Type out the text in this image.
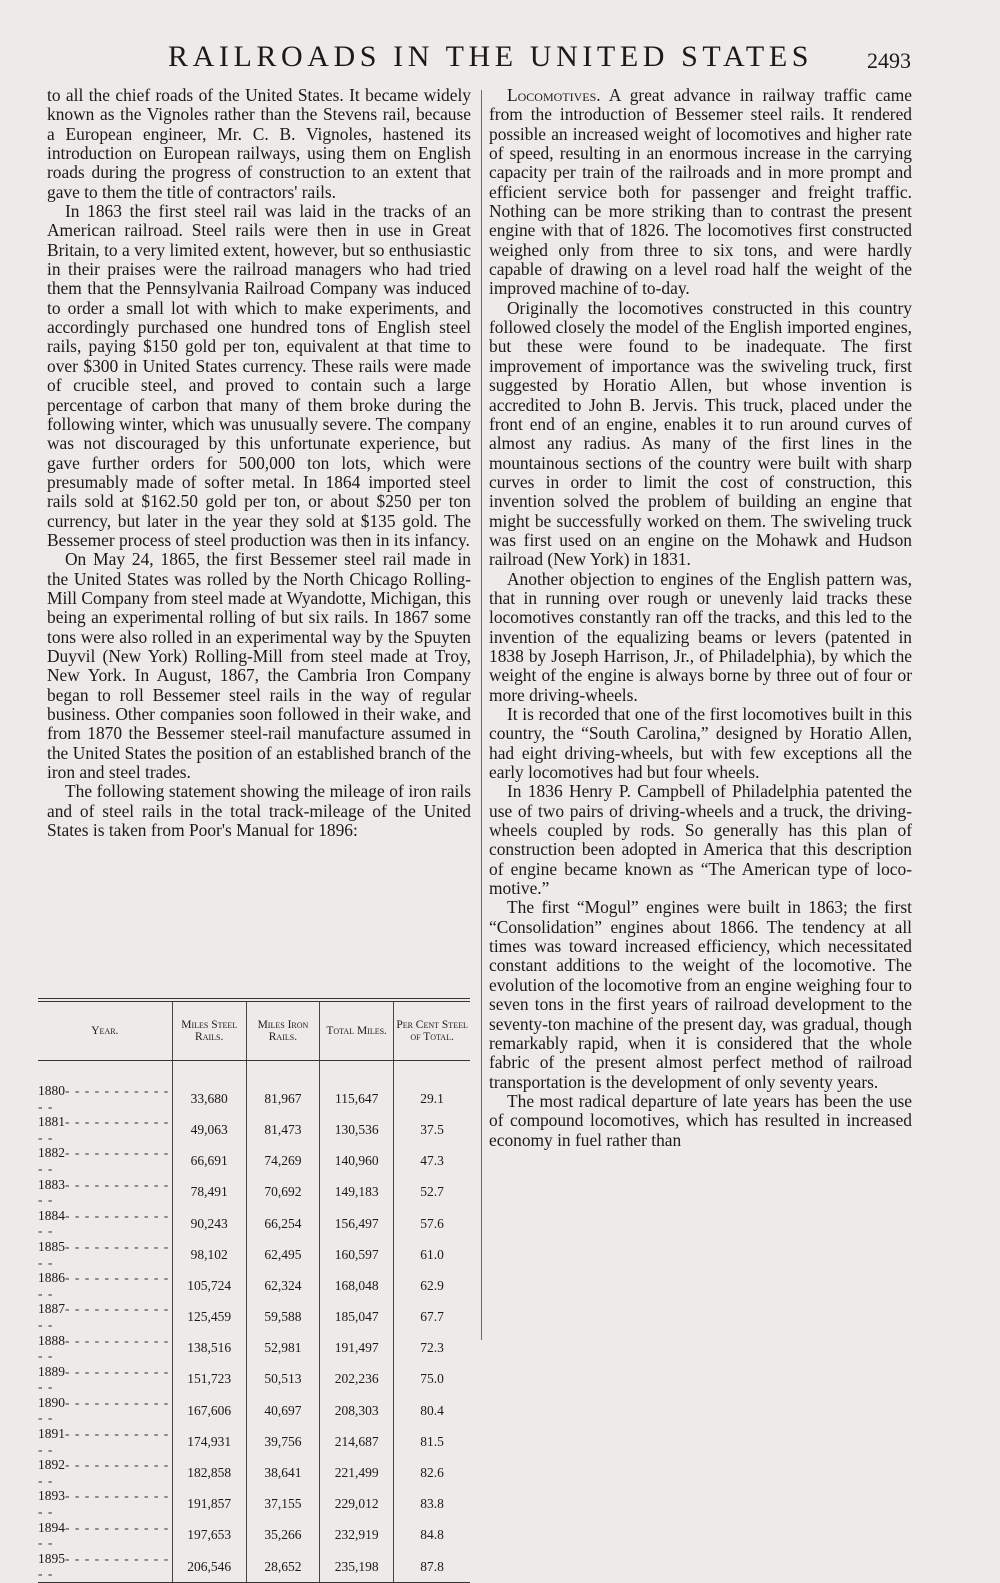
RAILROADS IN THE UNITED STATES 2493

to all the chief roads of the United States. It became widely known as the Vignoles rather than the Stevens rail, because a European engineer, Mr. C. B. Vignoles, hastened its introduction on European railways, using them on English roads during the progress of construction to an extent that gave to them the title of contractors' rails.

In 1863 the first steel rail was laid in the tracks of an American railroad. Steel rails were then in use in Great Britain, to a very limited extent, however, but so enthusiastic in their praises were the railroad managers who had tried them that the Pennsylvania Railroad Company was induced to order a small lot with which to make experiments, and accordingly purchased one hundred tons of English steel rails, paying $150 gold per ton, equivalent at that time to over $300 in United States currency. These rails were made of crucible steel, and proved to contain such a large percentage of carbon that many of them broke during the following winter, which was unusually severe. The company was not discouraged by this unfortunate experience, but gave further orders for 500,000 ton lots, which were presumably made of softer metal. In 1864 imported steel rails sold at $162.50 gold per ton, or about $250 per ton currency, but later in the year they sold at $135 gold. The Bessemer process of steel production was then in its infancy.

On May 24, 1865, the first Bessemer steel rail made in the United States was rolled by the North Chicago Rolling-Mill Company from steel made at Wyandotte, Michigan, this being an experimental rolling of but six rails. In 1867 some tons were also rolled in an experimental way by the Spuyten Duyvil (New York) Rolling-Mill from steel made at Troy, New York. In August, 1867, the Cambria Iron Company began to roll Bessemer steel rails in the way of regular business. Other companies soon followed in their wake, and from 1870 the Bessemer steel-rail manufacture assumed in the United States the position of an established branch of the iron and steel trades.

The following statement showing the mileage of iron rails and of steel rails in the total track-mileage of the United States is taken from Poor's Manual for 1896:

Year.	Miles Steel Rails.	Miles Iron Rails.	Total Miles.	Per Cent Steel of Total.

1880- - - - - - - - - - - - -	33,680	81,967	115,647	29.1
1881- - - - - - - - - - - - -	49,063	81,473	130,536	37.5
1882- - - - - - - - - - - - -	66,691	74,269	140,960	47.3
1883- - - - - - - - - - - - -	78,491	70,692	149,183	52.7
1884- - - - - - - - - - - - -	90,243	66,254	156,497	57.6
1885- - - - - - - - - - - - -	98,102	62,495	160,597	61.0
1886- - - - - - - - - - - - -	105,724	62,324	168,048	62.9
1887- - - - - - - - - - - - -	125,459	59,588	185,047	67.7
1888- - - - - - - - - - - - -	138,516	52,981	191,497	72.3
1889- - - - - - - - - - - - -	151,723	50,513	202,236	75.0
1890- - - - - - - - - - - - -	167,606	40,697	208,303	80.4
1891- - - - - - - - - - - - -	174,931	39,756	214,687	81.5
1892- - - - - - - - - - - - -	182,858	38,641	221,499	82.6
1893- - - - - - - - - - - - -	191,857	37,155	229,012	83.8
1894- - - - - - - - - - - - -	197,653	35,266	232,919	84.8
1895- - - - - - - - - - - - -	206,546	28,652	235,198	87.8

Locomotives. A great advance in railway traffic came from the introduction of Bessemer steel rails. It rendered possible an increased weight of locomotives and higher rate of speed, resulting in an enormous increase in the carrying capacity per train of the railroads and in more prompt and efficient service both for passenger and freight traffic. Nothing can be more striking than to contrast the present engine with that of 1826. The locomotives first constructed weighed only from three to six tons, and were hardly capable of drawing on a level road half the weight of the improved machine of to-day.

Originally the locomotives constructed in this country followed closely the model of the English imported engines, but these were found to be inadequate. The first improvement of importance was the swiveling truck, first suggested by Horatio Allen, but whose invention is accredited to John B. Jervis. This truck, placed under the front end of an engine, enables it to run around curves of almost any radius. As many of the first lines in the mountainous sections of the country were built with sharp curves in order to limit the cost of construction, this invention solved the problem of building an engine that might be successfully worked on them. The swiveling truck was first used on an engine on the Mohawk and Hudson railroad (New York) in 1831.

Another objection to engines of the English pattern was, that in running over rough or unevenly laid tracks these locomotives constantly ran off the tracks, and this led to the invention of the equalizing beams or levers (patented in 1838 by Joseph Harrison, Jr., of Philadelphia), by which the weight of the engine is always borne by three out of four or more driving-wheels.

It is recorded that one of the first locomotives built in this country, the “South Carolina,” designed by Horatio Allen, had eight driving-wheels, but with few exceptions all the early locomotives had but four wheels.

In 1836 Henry P. Campbell of Philadelphia patented the use of two pairs of driving-wheels and a truck, the driving-wheels coupled by rods. So generally has this plan of construction been adopted in America that this description of engine became known as “The American type of locomotive.”

The first “Mogul” engines were built in 1863; the first “Consolidation” engines about 1866. The tendency at all times was toward increased efficiency, which necessitated constant additions to the weight of the locomotive. The evolution of the locomotive from an engine weighing four to seven tons in the first years of railroad development to the seventy-ton machine of the present day, was gradual, though remarkably rapid, when it is considered that the whole fabric of the present almost perfect method of railroad transportation is the development of only seventy years.

The most radical departure of late years has been the use of compound locomotives, which has resulted in increased economy in fuel rather than
